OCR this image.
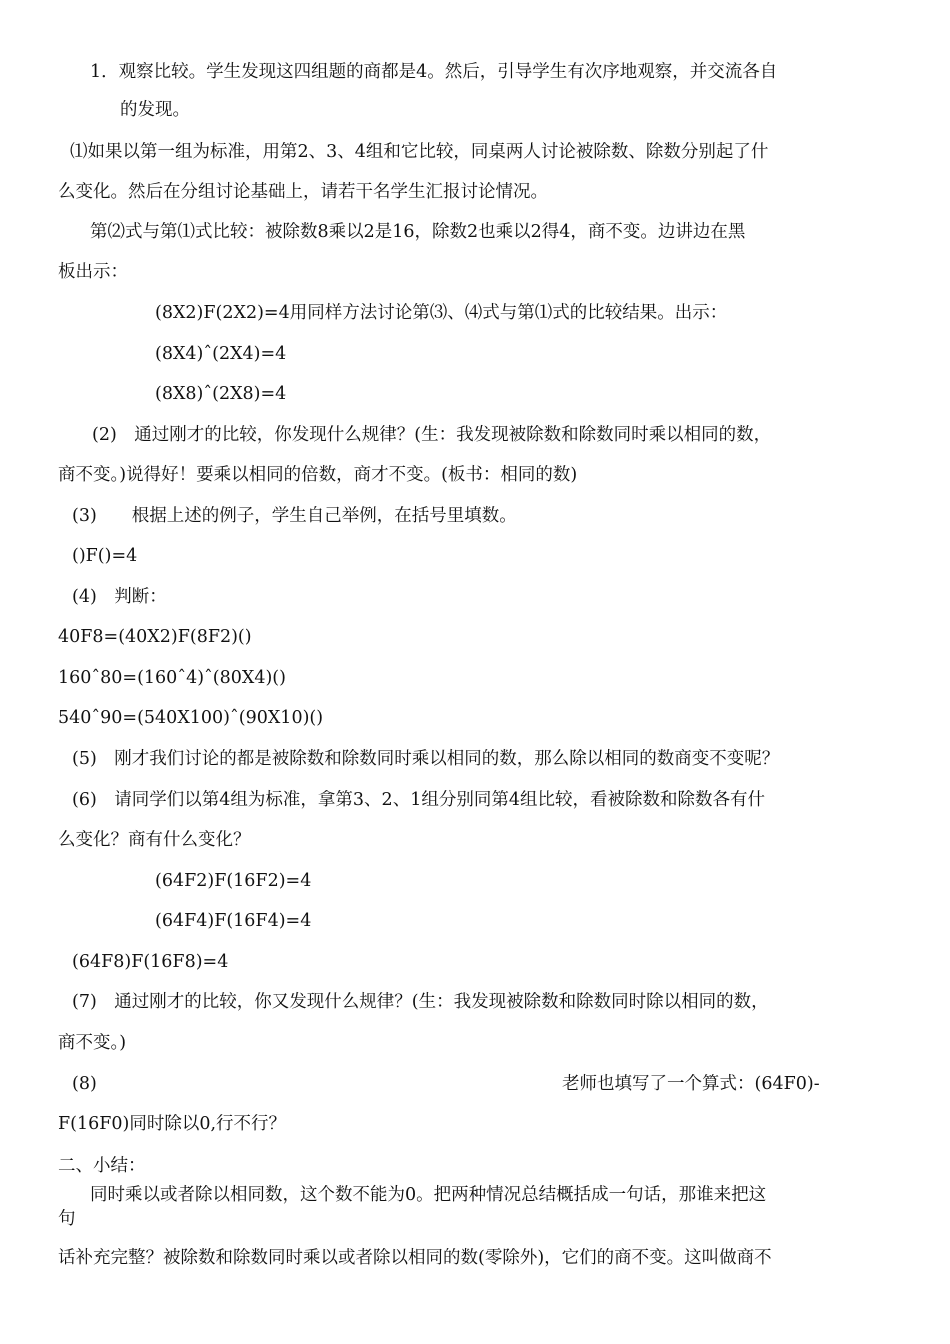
1．观察比较。学生发现这四组题的商都是4。然后，引导学生有次序地观察，并交流各自
的发现。
⑴如果以第一组为标准，用第2、3、4组和它比较，同桌两人讨论被除数、除数分别起了什
么变化。然后在分组讨论基础上，请若干名学生汇报讨论情况。
第⑵式与第⑴式比较：被除数8乘以2是16，除数2也乘以2得4，商不变。边讲边在黑
板出示：
(8X2)F(2X2)=4用同样方法讨论第⑶、⑷式与第⑴式的比较结果。出示：
(8X4)ˆ(2X4)=4
(8X8)ˆ(2X8)=4
(2)　通过刚才的比较，你发现什么规律？(生：我发现被除数和除数同时乘以相同的数，
商不变。)说得好！要乘以相同的倍数，商才不变。(板书：相同的数)
(3)　　根据上述的例子，学生自己举例，在括号里填数。
()F()=4
(4)　判断：
40F8=(40X2)F(8F2)()
160ˆ80=(160ˆ4)ˆ(80X4)()
540ˆ90=(540X100)ˆ(90X10)()
(5)　刚才我们讨论的都是被除数和除数同时乘以相同的数，那么除以相同的数商变不变呢？
(6)　请同学们以第4组为标准，拿第3、2、1组分别同第4组比较，看被除数和除数各有什
么变化？商有什么变化？
(64F2)F(16F2)=4
(64F4)F(16F4)=4
(64F8)F(16F8)=4
(7)　通过刚才的比较，你又发现什么规律？(生：我发现被除数和除数同时除以相同的数，
商不变。)
(8)	老师也填写了一个算式：(64F0)-
F(16F0)同时除以0,行不行？
二、小结：
同时乘以或者除以相同数，这个数不能为0。把两种情况总结概括成一句话，那谁来把这
句
话补充完整？被除数和除数同时乘以或者除以相同的数(零除外)，它们的商不变。这叫做商不
